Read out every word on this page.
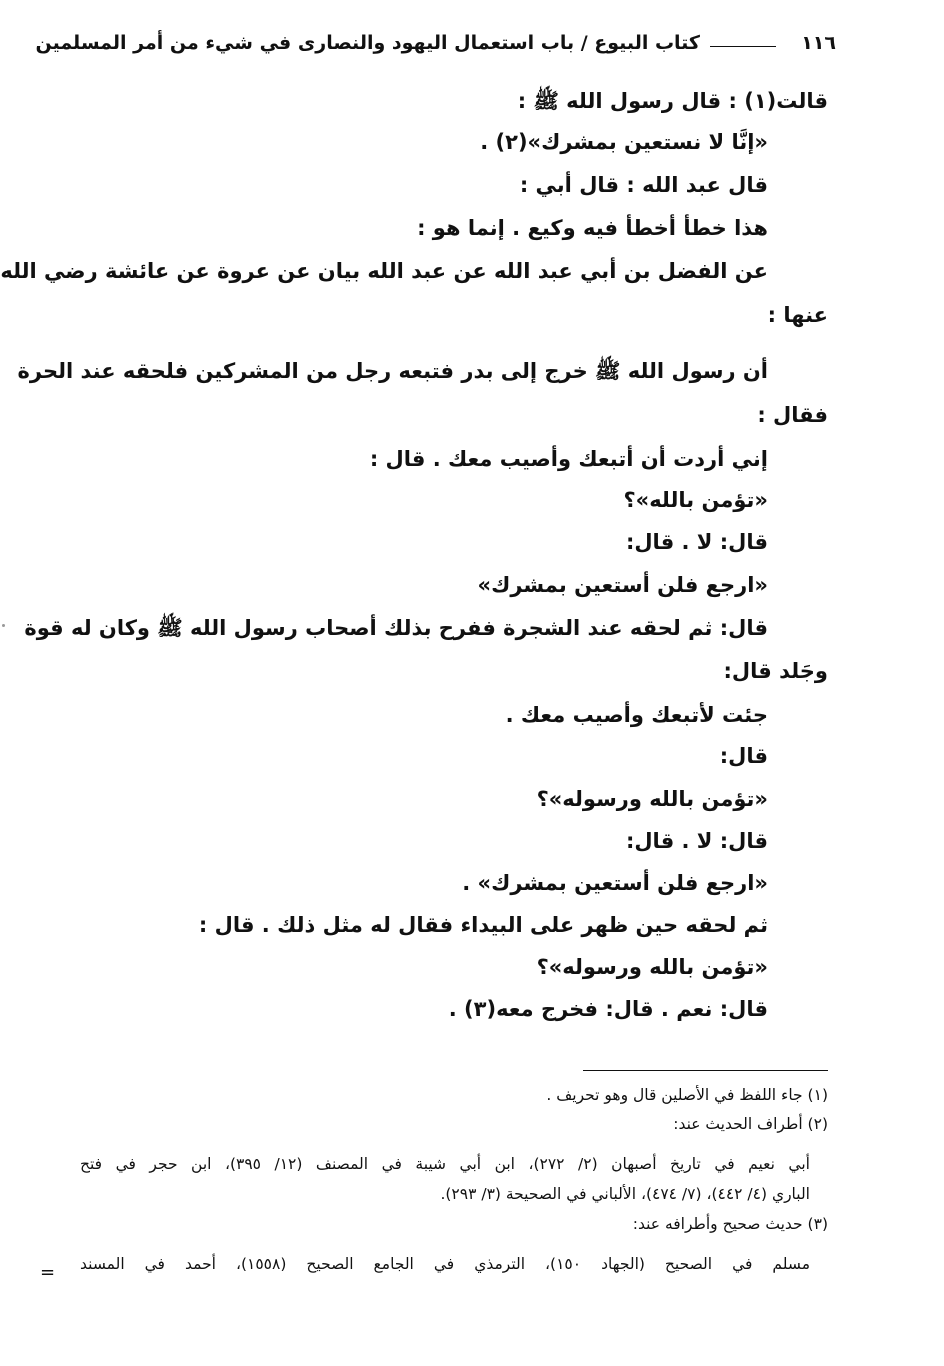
١١٦
كتاب البيوع / باب استعمال اليهود والنصارى في شيء من أمر المسلمين
قالت(١) : قال رسول الله ﷺ :
«إنَّا لا نستعين بمشرك»(٢) .
قال عبد الله : قال أبي :
هذا خطأ أخطأ فيه وكيع . إنما هو :
عن الفضل بن أبي عبد الله عن عبد الله بيان عن عروة عن عائشة رضي الله
عنها :
أن رسول الله ﷺ خرج إلى بدر فتبعه رجل من المشركين فلحقه عند الحرة
فقال :
إني أردت أن أتبعك وأصيب معك . قال :
«تؤمن بالله»؟
قال: لا . قال:
«ارجع فلن أستعين بمشرك»
قال: ثم لحقه عند الشجرة ففرح بذلك أصحاب رسول الله ﷺ وكان له قوة
وجَلد قال:
جئت لأتبعك وأصيب معك .
قال:
«تؤمن بالله ورسوله»؟
قال: لا . قال:
«ارجع فلن أستعين بمشرك» .
ثم لحقه حين ظهر على البيداء فقال له مثل ذلك . قال :
«تؤمن بالله ورسوله»؟
قال: نعم . قال: فخرج معه(٣) .
(١) جاء اللفظ في الأصلين قال وهو تحريف .
(٢) أطراف الحديث عند:
أبي نعيم في تاريخ أصبهان (٢/ ٢٧٢)، ابن أبي شيبة في المصنف (١٢/ ٣٩٥)، ابن حجر في فتح
الباري (٤/ ٤٤٢)، (٧/ ٤٧٤)، الألباني في الصحيحة (٣/ ٢٩٣).
(٣) حديث صحيح وأطرافه عند:
مسلم في الصحيح (الجهاد ١٥٠)، الترمذي في الجامع الصحيح (١٥٥٨)، أحمد في المسند
=
